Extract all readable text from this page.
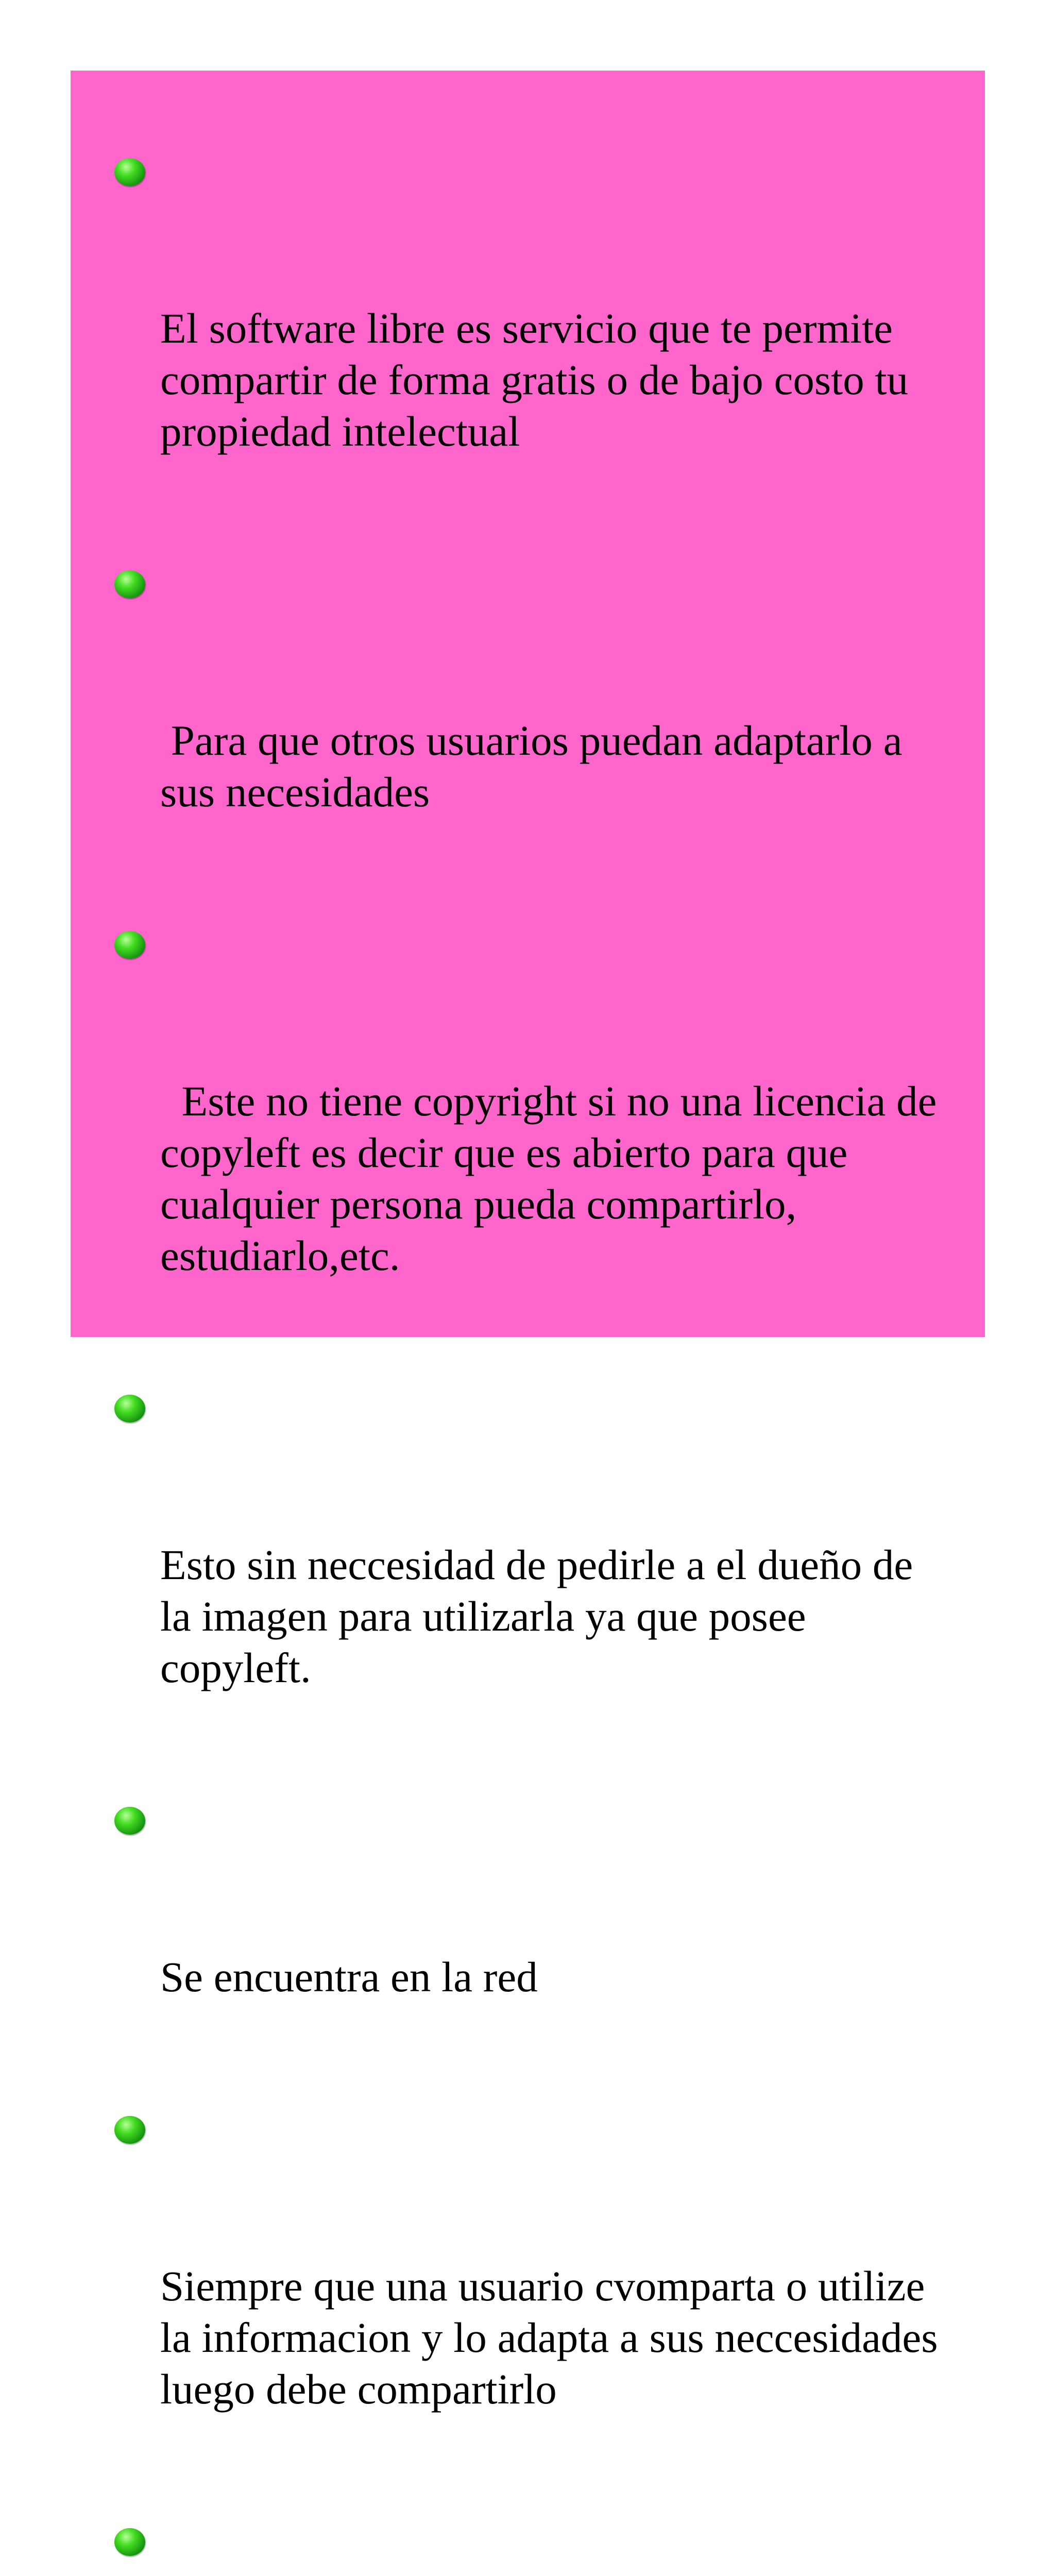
El software libre es servicio que te permite
compartir de forma gratis o de bajo costo tu
propiedad intelectual

Para que otros usuarios puedan adaptarlo a
sus necesidades

Este no tiene copyright si no una licencia de
copyleft es decir que es abierto para que
cualquier persona pueda compartirlo,
estudiarlo,etc.

Esto sin neccesidad de pedirle a el dueño de
la imagen para utilizarla ya que posee
copyleft.

Se encuentra en la red

Siempre que una usuario cvomparta o utilize
la informacion y lo adapta a sus neccesidades
luego debe compartirlo
